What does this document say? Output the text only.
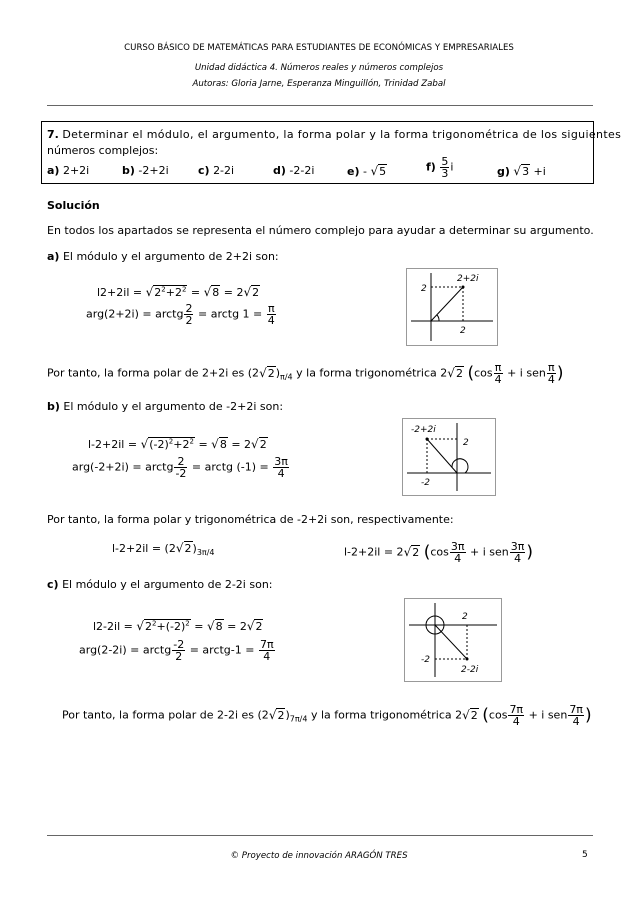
CURSO BÁSICO DE MATEMÁTICAS PARA ESTUDIANTES DE ECONÓMICAS Y EMPRESARIALES
Unidad didáctica 4. Números reales y números complejos
Autoras: Gloria Jarne, Esperanza Minguillón, Trinidad Zabal
7. Determinar el módulo, el argumento, la forma polar y la forma trigonométrica de los siguientes
números complejos:
a) 2+2i	b) -2+2i	c) 2-2i	d) -2-2i	e) - √5	$f) \frac{5}{3}$ i	g) √3 +i
Solución
En todos los apartados se representa el número complejo para ayudar a determinar su argumento.
a) El módulo y el argumento de 2+2i son:
$l2+2il = √2^2+2^2 = √8 = 2√2$
arg(2+2i) = arctg $\frac{2}{2}$ = arctg $1 = \frac{\pi}{4}$
2+2i
2
2
Por tanto, la forma polar de 2+2i es $(2√2)_{\pi/4}$ y la forma trigonométrica 2√2 ($\cos \frac{\pi}{4} + i$ sen $\frac{\pi}{4}$ )
b) El módulo y el argumento de -2+2i son:
$l-2+2il = √(-2)^2+2^2 = √8 = 2√2$
arg(-2+2i) = arctg $\frac{2}{-2}$ = arctg $(-1) = \frac{3\pi}{4}$
-2+2i
2
-2
Por tanto, la forma polar y trigonométrica de -2+2i son, respectivamente:
$l-2+2il = (2√2)_{3\pi/4}$	l-2+2il = 2√2 ($\cos \frac{3\pi}{4} + i$ sen $\frac{3\pi}{4}$ )
c) El módulo y el argumento de 2-2i son:
$l2-2il = √2^2+(-2)^2 = √8 = 2√2$
arg(2-2i) = arctg $\frac{-2}{2}$ = arctg-1 = $\frac{7\pi}{4}$
2-2i
-2
2
Por tanto, la forma polar de 2-2i es $(2√2)_{7\pi/4}$ y la forma trigonométrica 2√2 ($\cos \frac{7\pi}{4} + i$ sen $\frac{7\pi}{4}$ )
© Proyecto de innovación ARAGÓN TRES	5
